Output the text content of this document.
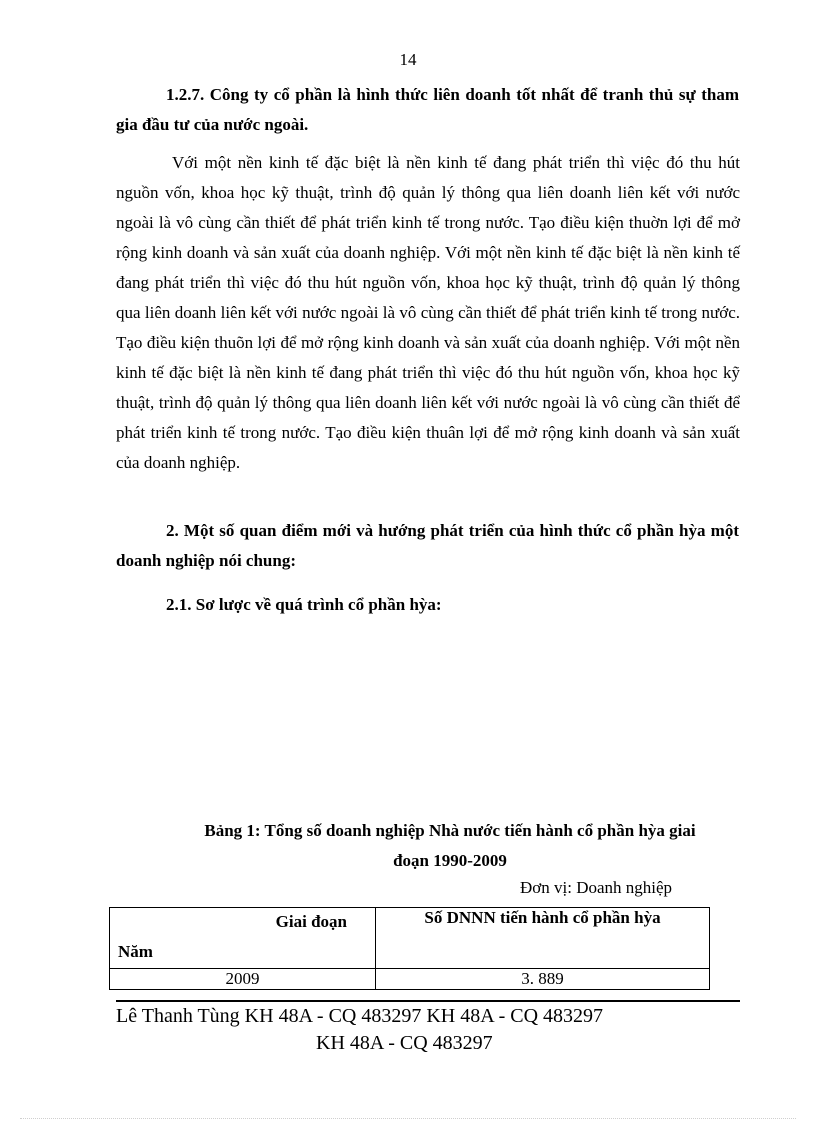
14
1.2.7. Công ty cổ phần là hình thức liên doanh tốt nhất để tranh thủ sự tham gia đầu tư của nước ngoài.
Với một nền kinh tế đặc biệt là nền kinh tế đang phát triển thì việc đó thu hút nguồn vốn, khoa học kỹ thuật, trình độ quản lý thông qua liên doanh liên kết với nước ngoài là vô cùng cần thiết để phát triển kinh tế trong nước. Tạo điều kiện thuờn lợi để mở rộng kinh doanh và sản xuất của doanh nghiệp. Với một nền kinh tế đặc biệt là nền kinh tế đang phát triển thì việc đó thu hút nguồn vốn, khoa học kỹ thuật, trình độ quản lý thông qua liên doanh liên kết với nước ngoài là vô cùng cần thiết để phát triển kinh tế trong nước. Tạo điều kiện thuõn lợi để mở rộng kinh doanh và sản xuất của doanh nghiệp. Với một nền kinh tế đặc biệt là nền kinh tế đang phát triển thì việc đó thu hút nguồn vốn, khoa học kỹ thuật, trình độ quản lý thông qua liên doanh liên kết với nước ngoài là vô cùng cần thiết để phát triển kinh tế trong nước. Tạo điều kiện thuân lợi để mở rộng kinh doanh và sản xuất của doanh nghiệp.
2. Một số quan điểm mới và hướng phát triển của hình thức cổ phần hỳa một doanh nghiệp nói chung:
2.1. Sơ lược về quá trình cổ phần hỳa:
Bảng 1: Tổng số doanh nghiệp Nhà nước tiến hành cổ phần hỳa giai
đoạn 1990-2009
Đơn vị: Doanh nghiệp
Giai đoạn
Năm	Số DNNN tiến hành cổ phần hỳa
2009	3. 889
Lê Thanh Tùng KH 48A - CQ 483297 KH 48A - CQ 483297
KH 48A - CQ 483297
